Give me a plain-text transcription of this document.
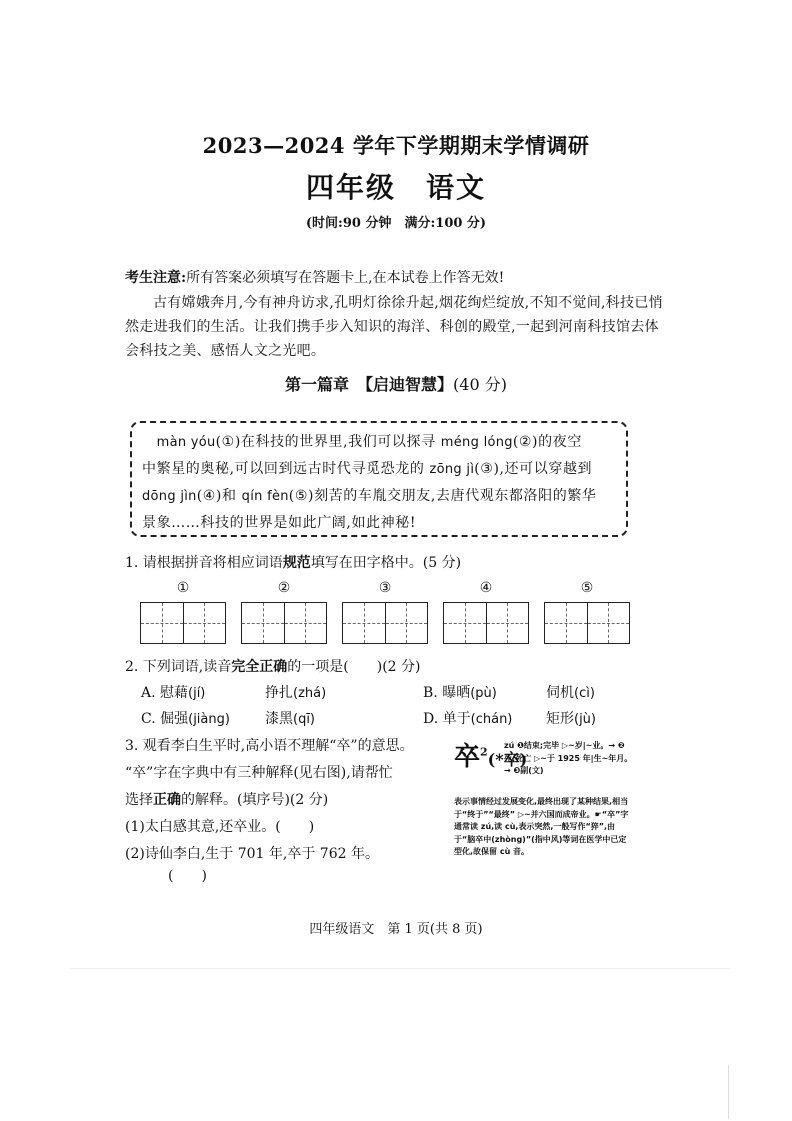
2023—2024 学年下学期期末学情调研
四年级　语文
(时间:90 分钟　满分:100 分)
考生注意:所有答案必须填写在答题卡上,在本试卷上作答无效!
古有嫦娥奔月,今有神舟访求,孔明灯徐徐升起,烟花绚烂绽放,不知不觉间,科技已悄然走进我们的生活。让我们携手步入知识的海洋、科创的殿堂,一起到河南科技馆去体会科技之美、感悟人文之光吧。
第一篇章　【启迪智慧】(40 分)

　màn yóu(①)在科技的世界里,我们可以探寻 méng lóng(②)的夜空

中繁星的奥秘,可以回到远古时代寻觅恐龙的 zōng jì(③),还可以穿越到

dōng jìn(④)和 qín fèn(⑤)刻苦的车胤交朋友,去唐代观东都洛阳的繁华

景象……科技的世界是如此广阔,如此神秘!

1. 请根据拼音将相应词语规范填写在田字格中。(5 分)
①	②	③	④	⑤
2. 下列词语,读音完全正确的一项是(　　)(2 分)
A. 慰藉(jí)	挣扎(zhá)	B. 曝晒(pù)	伺机(cì)
C. 倔强(jiàng)	漆黑(qī)	D. 单于(chán) 矩形(jù)
3. 观看李白生平时,高小语不理解“卒”的意思。
“卒”字在字典中有三种解释(见右图),请帮忙
选择正确的解释。(填序号)(2 分)
(1)太白感其意,还卒业。(　　)
(2)诗仙李白,生于 701 年,卒于 762 年。
(　　)
卒$^2$(*卒)
zú ❶结束;完毕 ▷~岁|~业。→ ❷死;死亡 ▷~于 1925 年|生~年月。→ ❸副(文)
表示事情经过发展变化,最终出现了某种结果,相当于“终于”“最终” ▷~并六国而成帝业。☛“卒”字通常读 zú,读 cù,表示突然,一般写作“猝”,由于“脑卒中(zhòng)”(指中风)等词在医学中已定型化,故保留 cù 音。
四年级语文　第 1 页(共 8 页)
